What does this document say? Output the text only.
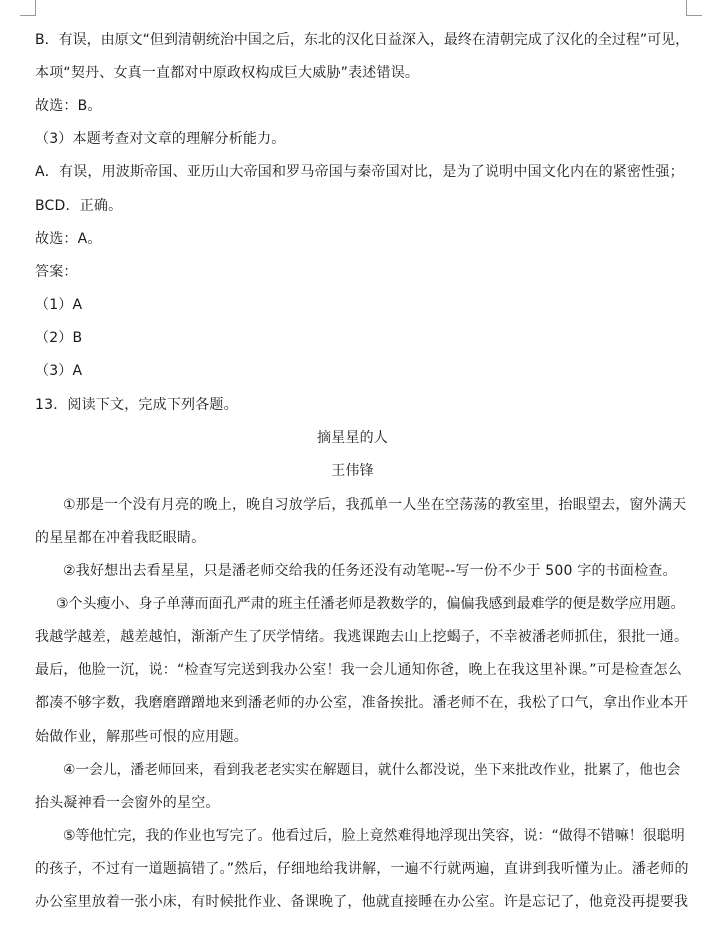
B．有误，由原文“但到清朝统治中国之后，东北的汉化日益深入，最终在清朝完成了汉化的全过程”可见，
本项“契丹、女真一直都对中原政权构成巨大威胁”表述错误。
故选：B。
（3）本题考查对文章的理解分析能力。
A．有误，用波斯帝国、亚历山大帝国和罗马帝国与秦帝国对比，是为了说明中国文化内在的紧密性强；
BCD．正确。
故选：A。
答案：
（1）A
（2）B
（3）A
13．阅读下文，完成下列各题。
摘星星的人
王伟锋
①那是一个没有月亮的晚上，晚自习放学后，我孤单一人坐在空荡荡的教室里，抬眼望去，窗外满天
的星星都在冲着我眨眼睛。
②我好想出去看星星，只是潘老师交给我的任务还没有动笔呢--写一份不少于 500 字的书面检查。
③个头瘦小、身子单薄而面孔严肃的班主任潘老师是教数学的，偏偏我感到最难学的便是数学应用题。
我越学越差，越差越怕，渐渐产生了厌学情绪。我逃课跑去山上挖蝎子，不幸被潘老师抓住，狠批一通。
最后，他脸一沉，说：“检查写完送到我办公室！我一会儿通知你爸，晚上在我这里补课。”可是检查怎么
都凑不够字数，我磨磨蹭蹭地来到潘老师的办公室，准备挨批。潘老师不在，我松了口气，拿出作业本开
始做作业，解那些可恨的应用题。
④一会儿，潘老师回来，看到我老老实实在解题目，就什么都没说，坐下来批改作业，批累了，他也会
抬头凝神看一会窗外的星空。
⑤等他忙完，我的作业也写完了。他看过后，脸上竟然难得地浮现出笑容，说：“做得不错嘛！很聪明
的孩子，不过有一道题搞错了。”然后，仔细地给我讲解，一遍不行就两遍，直讲到我听懂为止。潘老师的
办公室里放着一张小床，有时候批作业、备课晚了，他就直接睡在办公室。许是忘记了，他竟没再提要我
